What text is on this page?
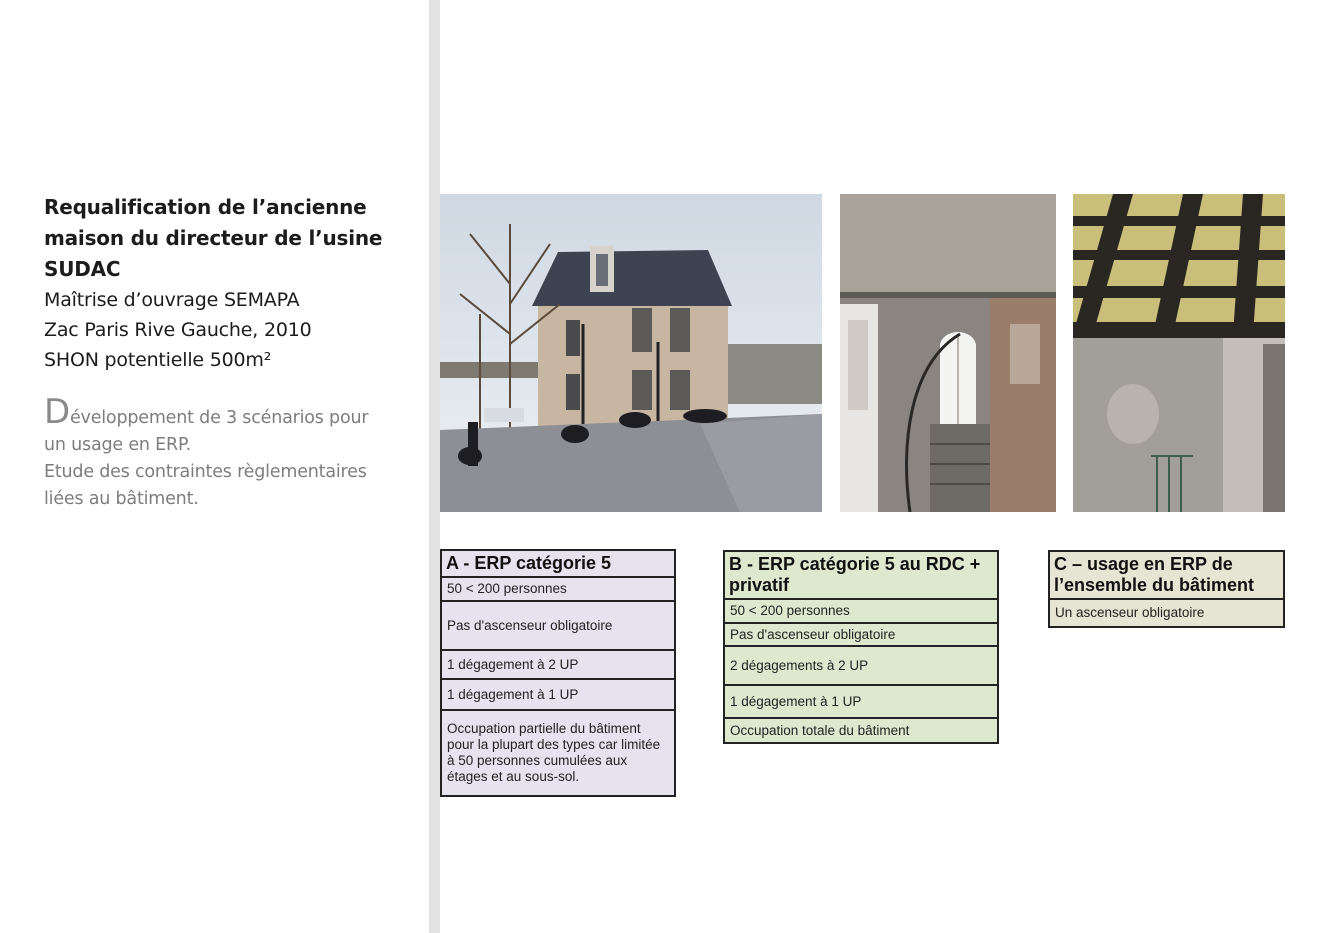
Requalification de l’ancienne
maison du directeur de l’usine
SUDAC
Maîtrise d’ouvrage SEMAPA
Zac Paris Rive Gauche, 2010
SHON potentielle 500m²
Développement de 3 scénarios pour
un usage en ERP.
Etude des contraintes règlementaires
liées au bâtiment.
A - ERP catégorie 5
50 < 200 personnes
Pas d'ascenseur obligatoire
1 dégagement à 2 UP
1 dégagement à 1 UP
Occupation partielle du bâtiment pour la plupart des types car limitée à 50 personnes cumulées aux étages et au sous-sol.
B - ERP catégorie 5 au RDC + privatif
50 < 200 personnes
Pas d'ascenseur obligatoire
2 dégagements à 2 UP
1 dégagement à 1 UP
Occupation totale du bâtiment
C – usage en ERP de l’ensemble du bâtiment
Un ascenseur obligatoire
